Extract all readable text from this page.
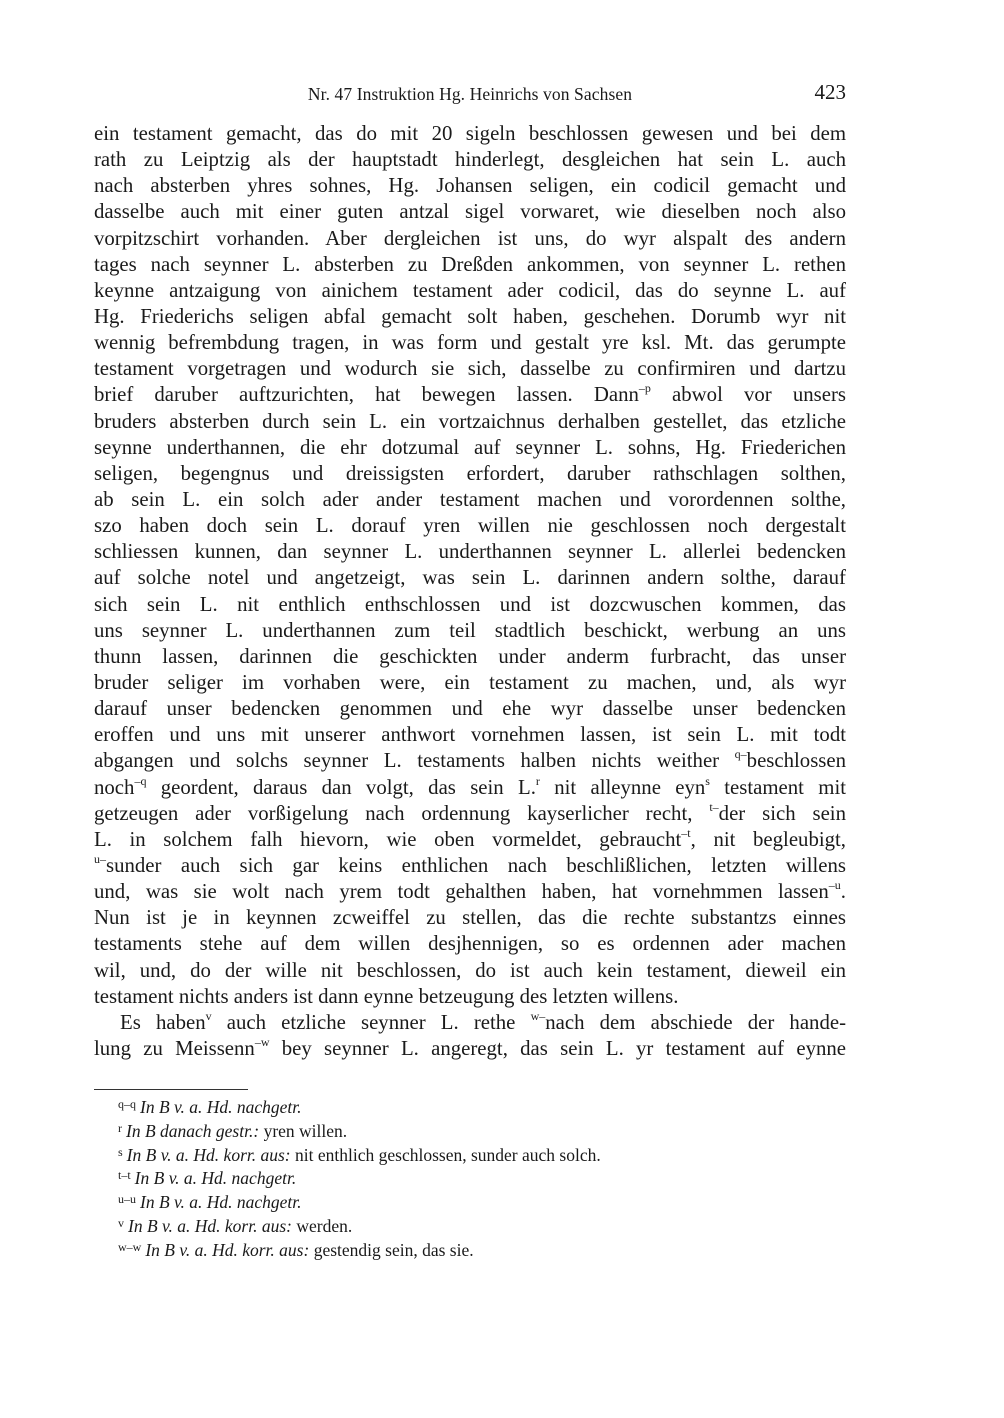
Nr. 47 Instruktion Hg. Heinrichs von Sachsen	423
ein testament gemacht, das do mit 20 sigeln beschlossen gewesen und bei dem
rath zu Leiptzig als der hauptstadt hinderlegt, desgleichen hat sein L. auch
nach absterben yhres sohnes, Hg. Johansen seligen, ein codicil gemacht und
dasselbe auch mit einer guten antzal sigel vorwaret, wie dieselben noch also
vorpitzschirt vorhanden. Aber dergleichen ist uns, do wyr alspalt des andern
tages nach seynner L. absterben zu Dreßden ankommen, von seynner L. rethen
keynne antzaigung von ainichem testament ader codicil, das do seynne L. auf
Hg. Friederichs seligen abfal gemacht solt haben, geschehen. Dorumb wyr nit
wennig befrembdung tragen, in was form und gestalt yre ksl. Mt. das gerumpte
testament vorgetragen und wodurch sie sich, dasselbe zu confirmiren und dartzu
brief daruber auftzurichten, hat bewegen lassen. Dann$^{-p}$ abwol vor unsers
bruders absterben durch sein L. ein vortzaichnus derhalben gestellet, das etzliche
seynne underthannen, die ehr dotzumal auf seynner L. sohns, Hg. Friederichen
seligen, begengnus und dreissigsten erfordert, daruber rathschlagen solthen,
ab sein L. ein solch ader ander testament machen und vorordennen solthe,
szo haben doch sein L. dorauf yren willen nie geschlossen noch dergestalt
schliessen kunnen, dan seynner L. underthannen seynner L. allerlei bedencken
auf solche notel und angetzeigt, was sein L. darinnen andern solthe, darauf
sich sein L. nit enthlich enthschlossen und ist dozcwuschen kommen, das
uns seynner L. underthannen zum teil stadtlich beschickt, werbung an uns
thunn lassen, darinnen die geschickten under anderm furbracht, das unser
bruder seliger im vorhaben were, ein testament zu machen, und, als wyr
darauf unser bedencken genommen und ehe wyr dasselbe unser bedencken
eroffen und uns mit unserer anthwort vornehmen lassen, ist sein L. mit todt
abgangen und solchs seynner L. testaments halben nichts weither $^{q-}$beschlossen
noch$^{-q}$ geordent, daraus dan volgt, das sein L.$^r$ nit alleynne eyn$^s$ testament mit
getzeugen ader vorßigelung nach ordennung kayserlicher recht, $^{t-}$der sich sein
L. in solchem falh hievorn, wie oben vormeldet, gebraucht$^{-t}$, nit begleubigt,
$^{u-}$sunder auch sich gar keins enthlichen nach beschlißlichen, letzten willens
und, was sie wolt nach yrem todt gehalthen haben, hat vornehmmen lassen$^{-u}$.
Nun ist je in keynnen zcweiffel zu stellen, das die rechte substantzs einnes
testaments stehe auf dem willen desjhennigen, so es ordennen ader machen
wil, und, do der wille nit beschlossen, do ist auch kein testament, dieweil ein
testament nichts anders ist dann eynne betzeugung des letzten willens.
Es haben$^v$ auch etzliche seynner L. rethe $^{w-}$nach dem abschiede der hande-
lung zu Meissenn$^{-w}$ bey seynner L. angeregt, das sein L. yr testament auf eynne
q–q In B v. a. Hd. nachgetr.
r In B danach gestr.: yren willen.
s In B v. a. Hd. korr. aus: nit enthlich geschlossen, sunder auch solch.
t–t In B v. a. Hd. nachgetr.
u–u In B v. a. Hd. nachgetr.
v In B v. a. Hd. korr. aus: werden.
w–w In B v. a. Hd. korr. aus: gestendig sein, das sie.
